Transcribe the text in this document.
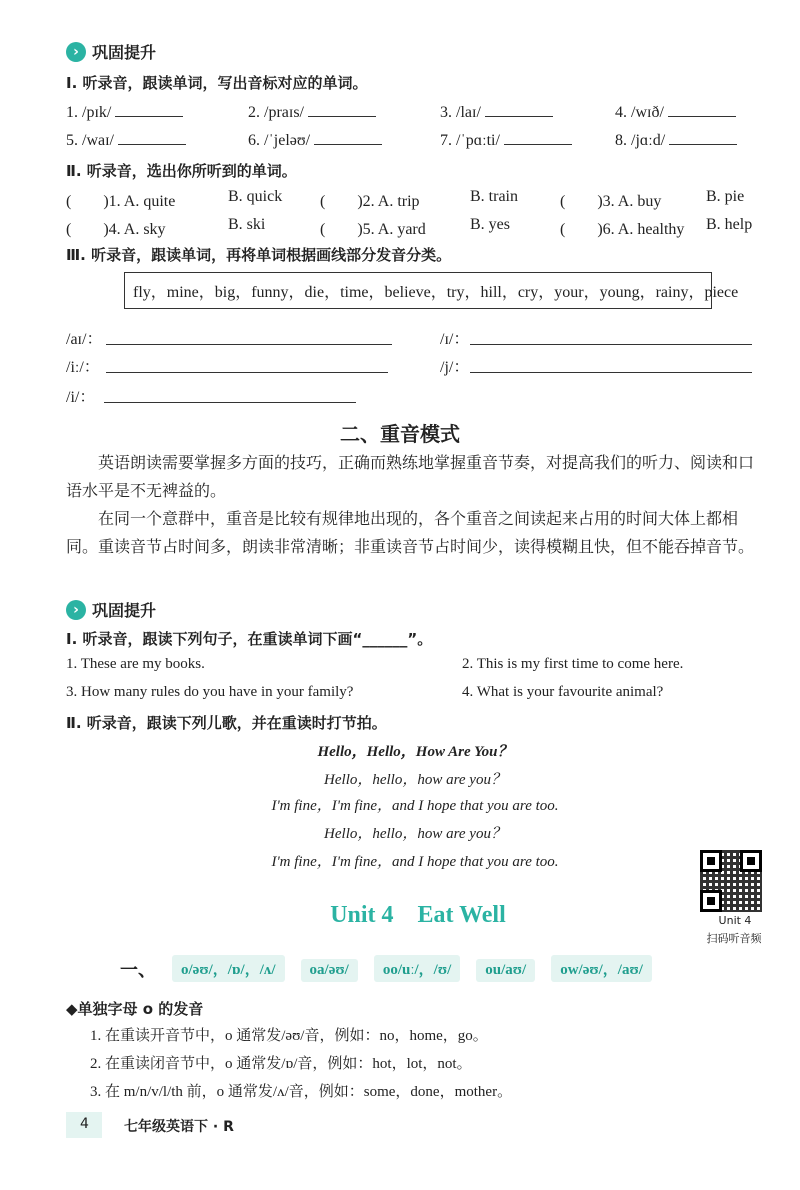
› 巩固提升
Ⅰ. 听录音，跟读单词，写出音标对应的单词。
1. /pɪk/	2. /praɪs/	3. /laɪ/	4. /wɪð/
5. /waɪ/	6. /ˈjeləʊ/	7. /ˈpɑːti/	8. /jɑːd/
Ⅱ. 听录音，选出你所听到的单词。
(　　)1. A. quite	B. quick (　　)2. A. trip	B. train	(　　)3. A. buy	B. pie
(　　)4. A. sky	B. ski	(　　)5. A. yard	B. yes	(　　)6. A. healthy B. help
Ⅲ. 听录音，跟读单词，再将单词根据画线部分发音分类。
fly，mine，big，funny，die，time，believe，try，hill，cry，your，young，rainy，piece
/aɪ/：	/ɪ/：
/iː/：	/j/：
/i/：
二、重音模式
英语朗读需要掌握多方面的技巧，正确而熟练地掌握重音节奏，对提高我们的听力、阅读和口语水平是不无裨益的。
在同一个意群中，重音是比较有规律地出现的，各个重音之间读起来占用的时间大体上都相同。重读音节占时间多，朗读非常清晰；非重读音节占时间少，读得模糊且快，但不能吞掉音节。
› 巩固提升
Ⅰ. 听录音，跟读下列句子，在重读单词下画“______”。
1. These are my books.	2. This is my first time to come here.
3. How many rules do you have in your family?	4. What is your favourite animal?
Ⅱ. 听录音，跟读下列儿歌，并在重读时打节拍。
Hello，Hello，How Are You？
Hello，hello，how are you？
I'm fine，I'm fine，and I hope that you are too.
Hello，hello，how are you？
I'm fine，I'm fine，and I hope that you are too.
Unit 4
扫码听音频
Unit 4　Eat Well
一、	o/əʊ/，/ɒ/，/ʌ/ oa/əʊ/ oo/uː/，/ʊ/ ou/aʊ/ ow/əʊ/，/aʊ/
◆单独字母 o 的发音
1. 在重读开音节中，o 通常发/əʊ/音，例如：no，home，go。
2. 在重读闭音节中，o 通常发/ɒ/音，例如：hot，lot，not。
3. 在 m/n/v/l/th 前，o 通常发/ʌ/音，例如：some，done，mother。
4	七年级英语下 · R
